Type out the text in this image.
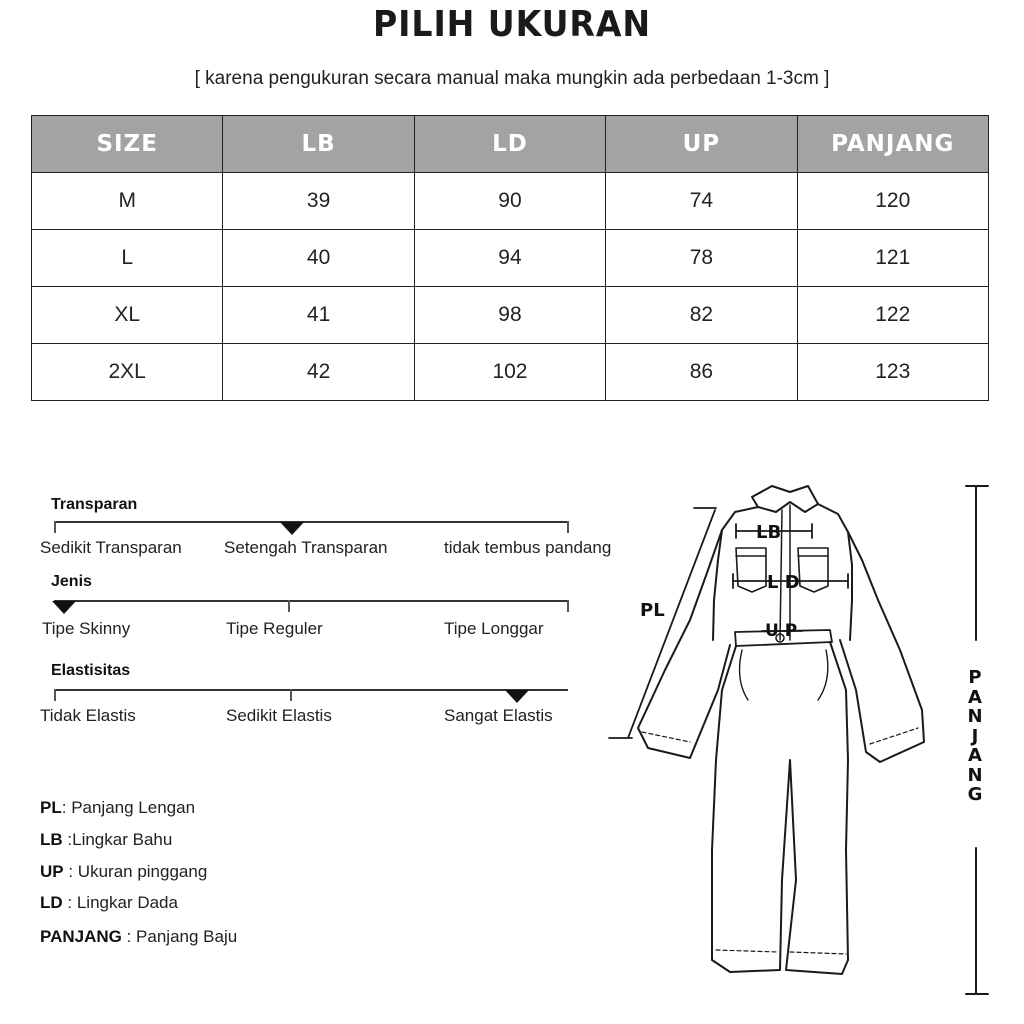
PILIH UKURAN
[ karena pengukuran secara manual maka mungkin ada perbedaan 1-3cm ]
SIZE	LB	LD	UP	PANJANG
M	39	90	74	120
L	40	94	78	121
XL	41	98	82	122
2XL	42	102	86	123
Transparan
Sedikit Transparan Setengah Transparan	tidak tembus pandang
Jenis
Tipe Skinny	Tipe Reguler	Tipe Longgar
Elastisitas
Tidak Elastis	Sedikit Elastis	Sangat Elastis
PL: Panjang Lengan
LB :Lingkar Bahu
UP : Ukuran pinggang
LD : Lingkar Dada
PANJANG : Panjang Baju
LB
L D
U P
PL
PANJANG
